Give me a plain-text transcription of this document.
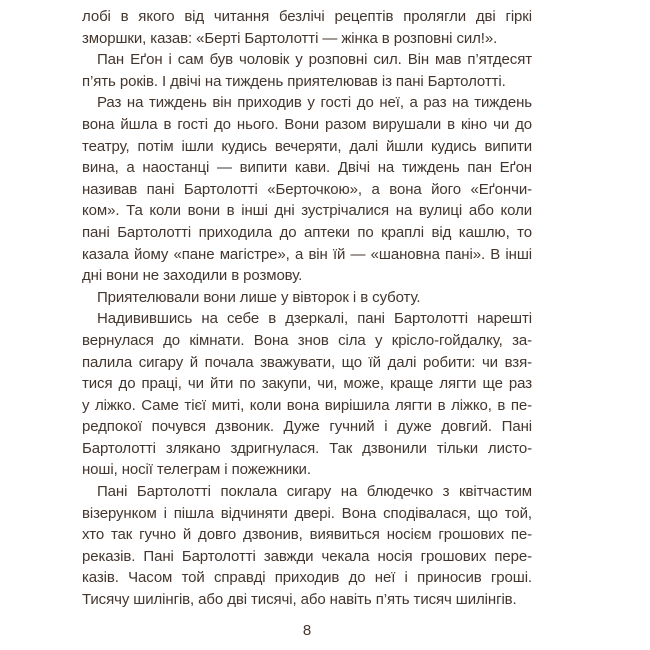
лобі в якого від читання безлічі рецептів пролягли дві гіркі
зморшки, казав: «Берті Бартолотті — жінка в розповні сил!».
Пан Еґон і сам був чоловік у розповні сил. Він мав п’ятдесят
п’ять років. І двічі на тиждень приятелював із пані Бартолотті.
Раз на тиждень він приходив у гості до неї, а раз на тиждень
вона йшла в гості до нього. Вони разом вирушали в кіно чи до
театру, потім ішли кудись вечеряти, далі йшли кудись випити
вина, а наостанці — випити кави. Двічі на тиждень пан Еґон
називав пані Бартолотті «Берточкою», а вона його «Еґончи-
ком». Та коли вони в інші дні зустрічалися на вулиці або коли
пані Бартолотті приходила до аптеки по краплі від кашлю, то
казала йому «пане магістре», а він їй — «шановна пані». В інші
дні вони не заходили в розмову.
Приятелювали вони лише у вівторок і в суботу.
Надивившись на себе в дзеркалі, пані Бартолотті нарешті
вернулася до кімнати. Вона знов сіла у крісло-гойдалку, за-
палила сигару й почала зважувати, що їй далі робити: чи взя-
тися до праці, чи йти по закупи, чи, може, краще лягти ще раз
у ліжко. Саме тієї миті, коли вона вирішила лягти в ліжко, в пе-
редпокої почувся дзвоник. Дуже гучний і дуже довгий. Пані
Бартолотті злякано здригнулася. Так дзвонили тільки листо-
ноші, носії телеграм і пожежники.
Пані Бартолотті поклала сигару на блюдечко з квітчастим
візерунком і пішла відчиняти двері. Вона сподівалася, що той,
хто так гучно й довго дзвонив, виявиться носієм грошових пе-
реказів. Пані Бартолотті завжди чекала носія грошових пере-
казів. Часом той справді приходив до неї і приносив гроші.
Тисячу шилінгів, або дві тисячі, або навіть п’ять тисяч шилінгів.
8
